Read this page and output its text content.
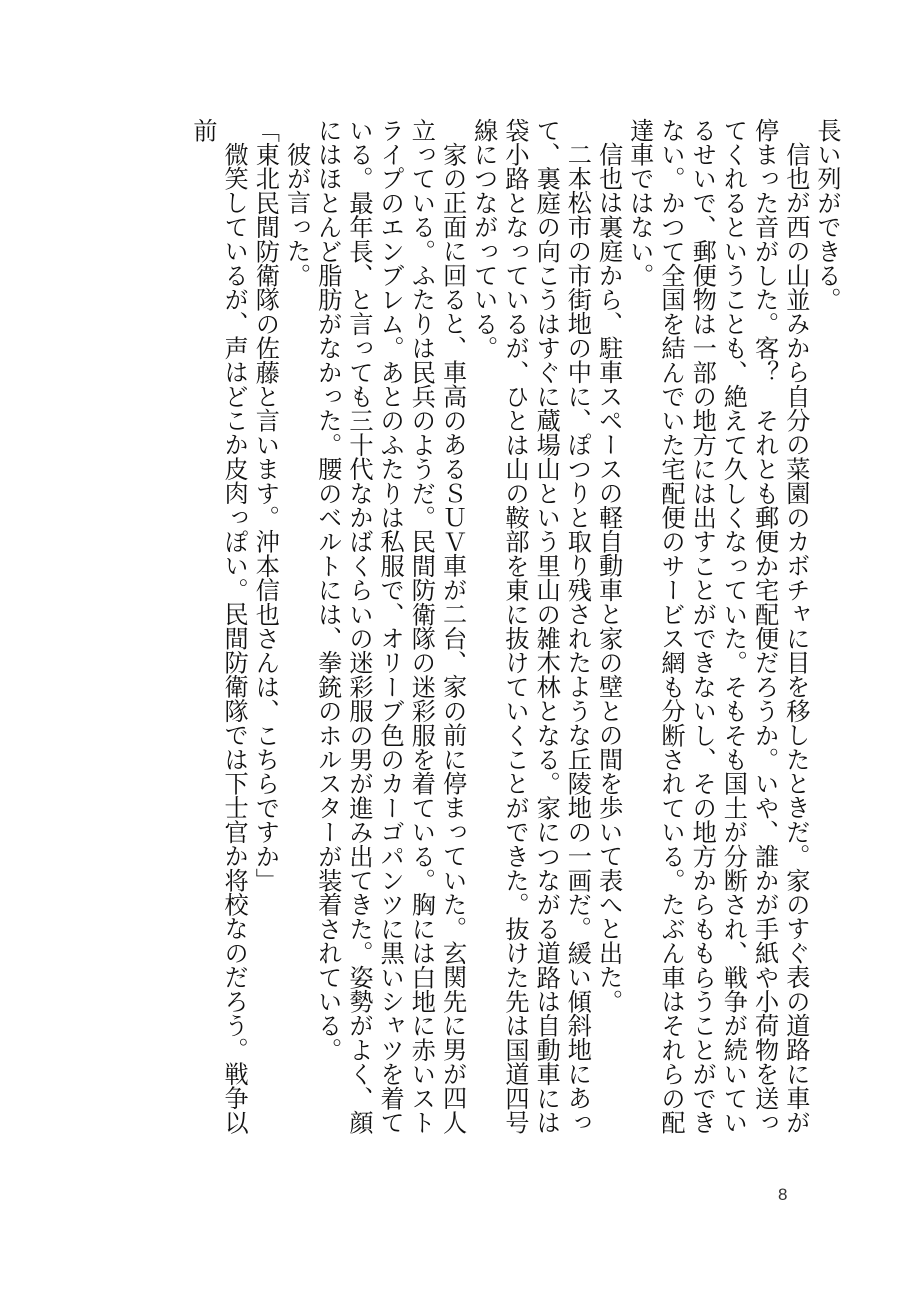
長い列ができる。

信也が西の山並みから自分の菜園のカボチャに目を移したときだ。家のすぐ表の道路に車が停まった音がした。客？　それとも郵便か宅配便だろうか。いや、誰かが手紙や小荷物を送ってくれるということも、絶えて久しくなっていた。そもそも国土が分断され、戦争が続いているせいで、郵便物は一部の地方には出すことができないし、その地方からももらうことができない。かつて全国を結んでいた宅配便のサービス網も分断されている。たぶん車はそれらの配達車ではない。

信也は裏庭から、駐車スペースの軽自動車と家の壁との間を歩いて表へと出た。

二本松市の市街地の中に、ぽつりと取り残されたような丘陵地の一画だ。緩い傾斜地にあって、裏庭の向こうはすぐに蔵場山という里山の雑木林となる。家につながる道路は自動車には袋小路となっているが、ひとは山の鞍部を東に抜けていくことができた。抜けた先は国道四号線につながっている。

家の正面に回ると、車高のあるＳＵＶ車が二台、家の前に停まっていた。玄関先に男が四人立っている。ふたりは民兵のようだ。民間防衛隊の迷彩服を着ている。胸には白地に赤いストライプのエンブレム。あとのふたりは私服で、オリーブ色のカーゴパンツに黒いシャツを着ている。最年長、と言っても三十代なかばくらいの迷彩服の男が進み出てきた。姿勢がよく、顔にはほとんど脂肪がなかった。腰のベルトには、拳銃のホルスターが装着されている。

彼が言った。

「東北民間防衛隊の佐藤と言います。沖本信也さんは、こちらですか」

微笑しているが、声はどこか皮肉っぽい。民間防衛隊では下士官か将校なのだろう。戦争以前

8
